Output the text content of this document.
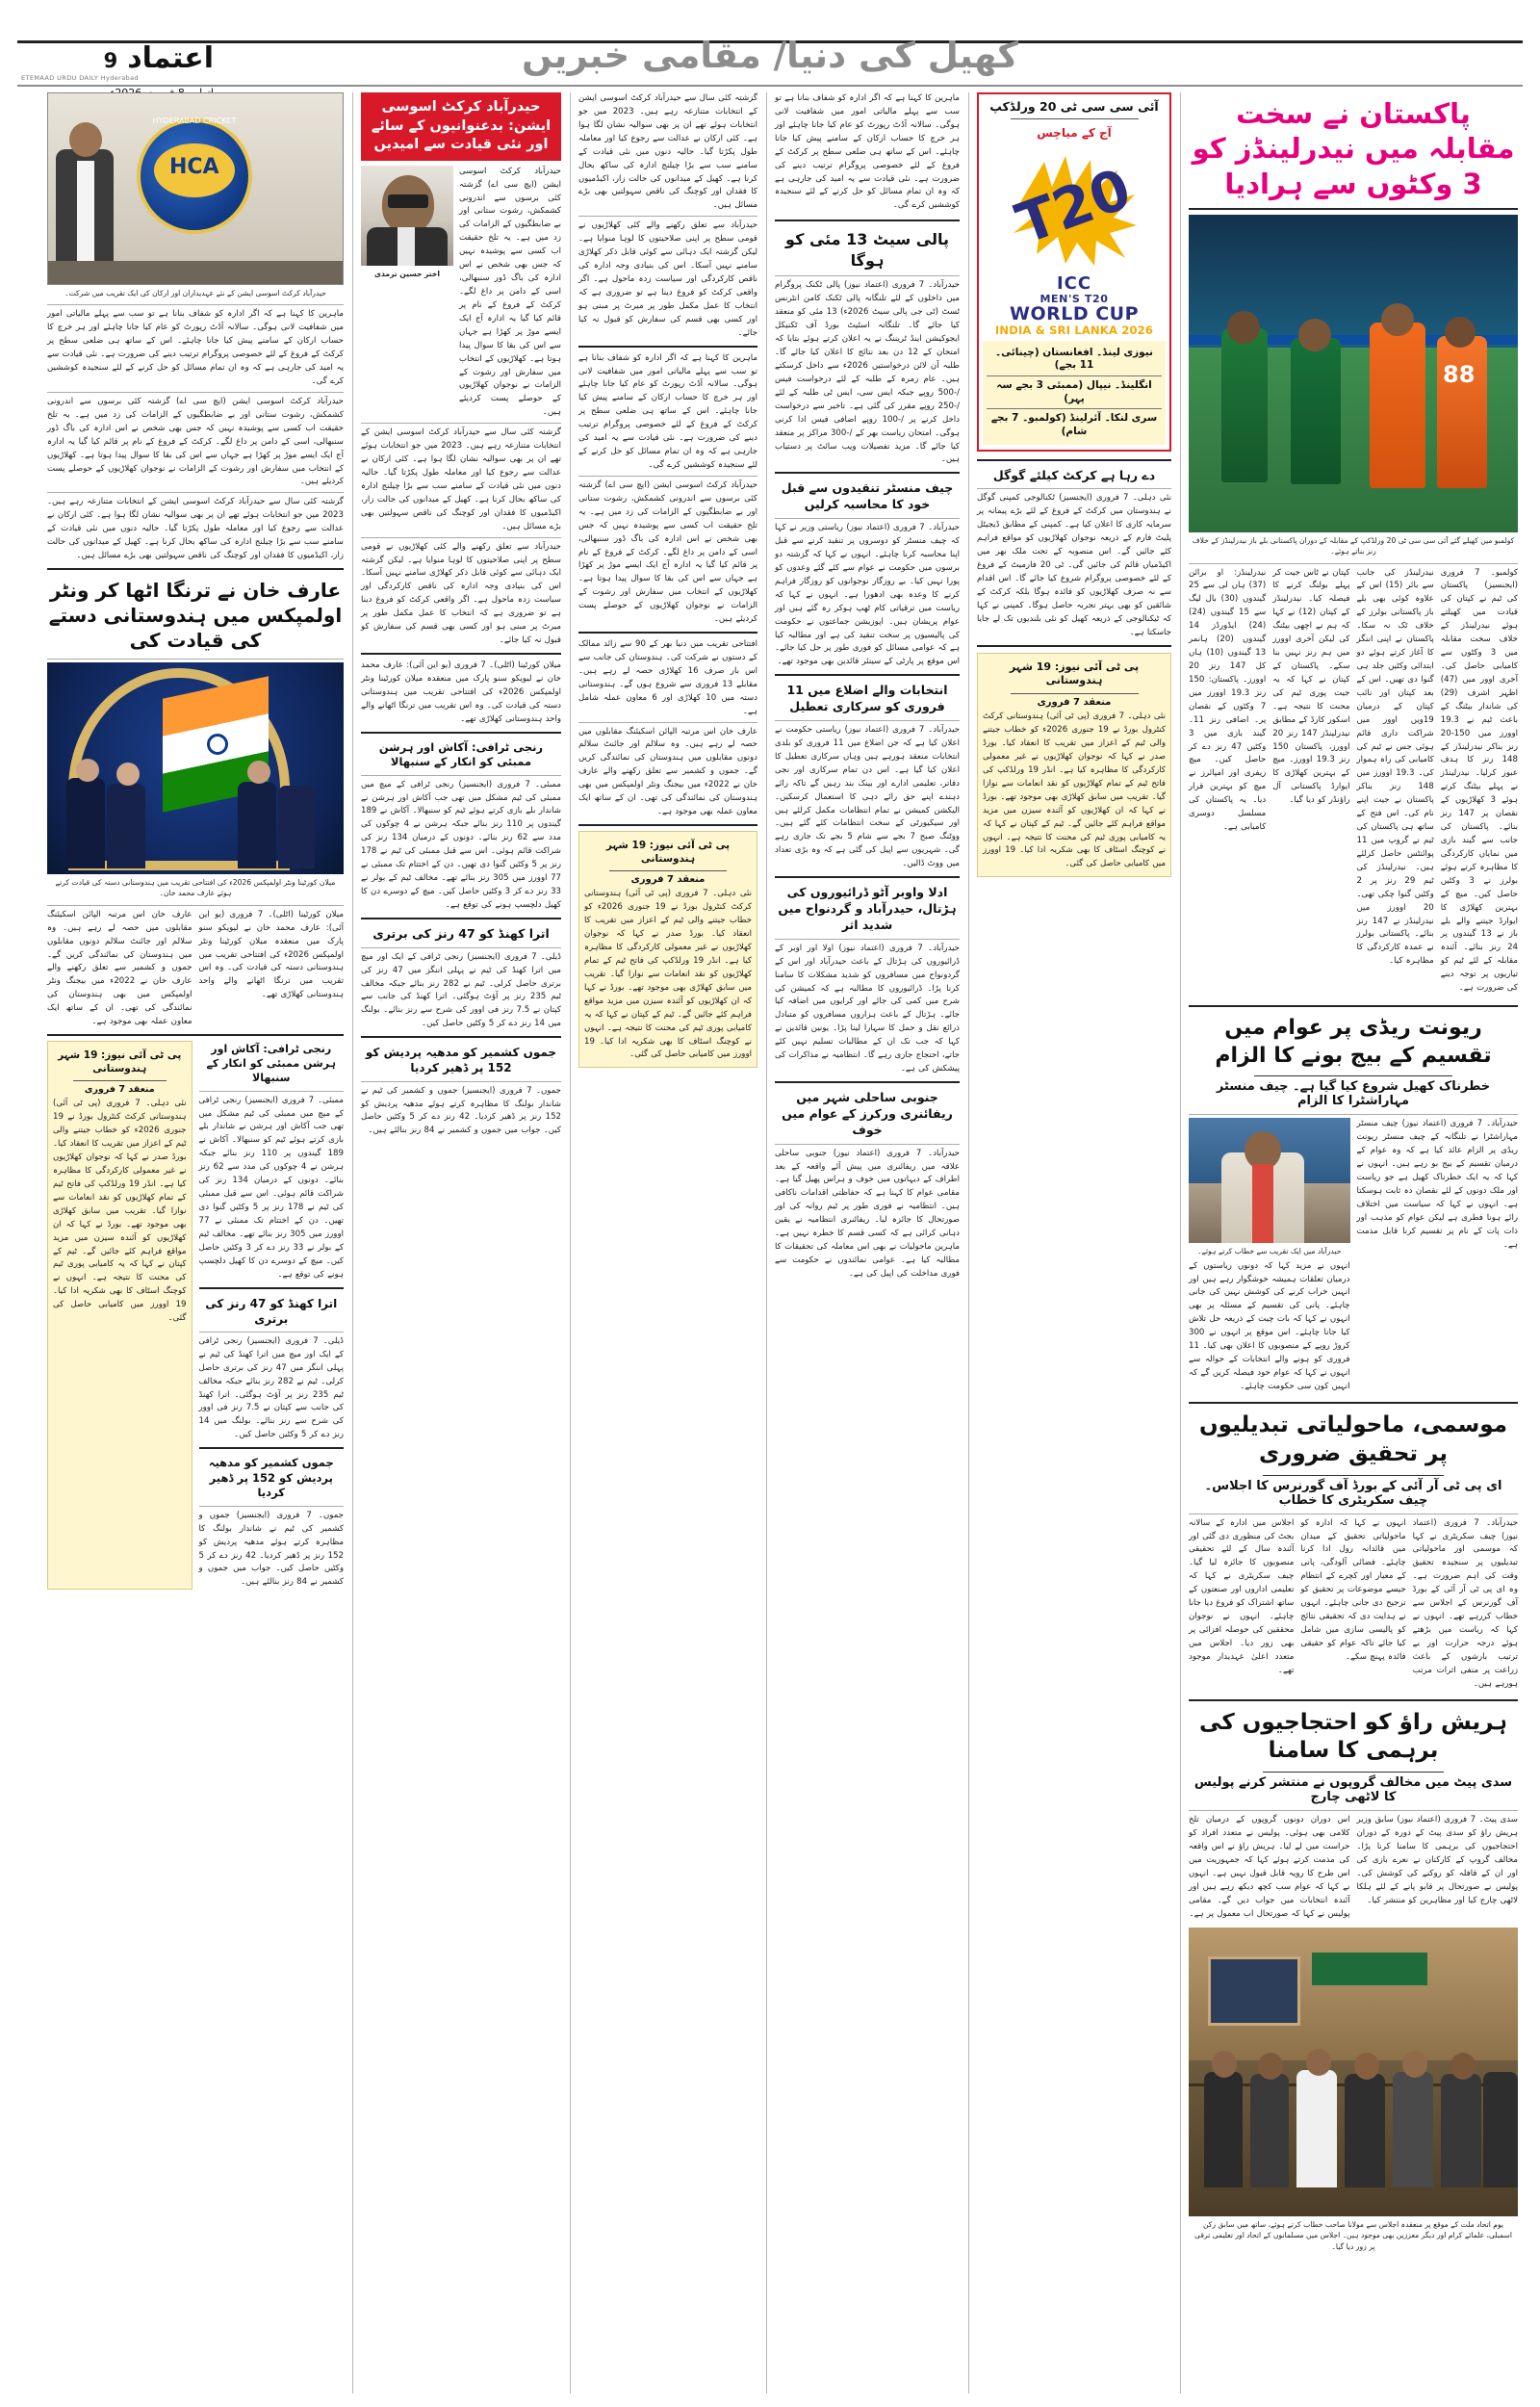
اعتماد
9
ETEMAAD URDU DAILY Hyderabad
کھیل کی دنیا/ مقامی خبریں
پاکستان نے سخت مقابلہ میں نیدرلینڈز کو 3 وکٹوں سے ہرادیا
88
کولمبو میں کھیلے گئے آئی سی سی ٹی 20 ورلڈکپ کے مقابلہ کے دوران پاکستانی بلے باز نیدرلینڈز کے خلاف رنز بناتے ہوئے۔
کولمبو۔ 7 فروری (ایجنسیز) پاکستان کی ٹیم نے کپتان کی قیادت میں کھیلتے ہوئے نیدرلینڈز کے خلاف سخت مقابلہ میں 3 وکٹوں سے کامیابی حاصل کی۔ آخری اوور میں (47) اظہر اشرف (29) کی شاندار بیٹنگ کے باعث ٹیم نے 19.3 اوورز میں 150-20 رنز بناکر نیدرلینڈز کے 148 رنز کا ہدف عبور کرلیا۔ نیدرلینڈز نے پہلے بیٹنگ کرتے ہوئے 3 کھلاڑیوں کے نقصان پر 147 رنز بنائے۔ پاکستان کی جانب سے گیند بازی میں نمایاں کارکردگی کا مظاہرہ کرتے ہوئے بولرز نے 3 وکٹیں حاصل کیں۔ میچ کے بہترین کھلاڑی کا ایوارڈ جیتنے والے بلے باز نے 13 گیندوں پر 24 رنز بنائے۔ آئندہ مقابلہ کے لئے ٹیم کو تیاریوں پر توجہ دینے کی ضرورت ہے۔
نیدرلینڈز کی جانب سے بائر (15) اس کے علاوہ کوئی بھی بلے باز پاکستانی بولرز کے خلاف ٹک نہ سکا۔ پاکستان نے اپنی اننگز کا آغاز کرتے ہوئے دو ابتدائی وکٹیں جلد ہی گنوا دی تھیں۔ اس کے بعد کپتان اور نائب کپتان کے درمیان 19ویں اوور میں شراکت داری قائم ہوئی جس نے ٹیم کی کامیابی کی راہ ہموار کی۔ 19.3 اوورز میں 148 رنز بناکر پاکستان نے جیت اپنے نام کی۔ اس فتح کے ساتھ ہی پاکستان کی ٹیم نے گروپ میں 11 پوائنٹس حاصل کرلئے ہیں۔ نیدرلینڈز کی ٹیم 29 رنز پر 2 وکٹیں گنوا چکی تھی۔ 20 اوورز میں نیدرلینڈز نے 147 رنز بنائے۔ پاکستانی بولرز نے عمدہ کارکردگی کا مظاہرہ کیا۔
کپتان نے ٹاس جیت کر پہلے بولنگ کرنے کا فیصلہ کیا۔ نیدرلینڈز کے کپتان (12) نے کہا کہ ہم نے اچھی بیٹنگ کی لیکن آخری اوورز میں ہم رنز نہیں بنا سکے۔ پاکستان کے کپتان نے کہا کہ یہ جیت پوری ٹیم کی محنت کا نتیجہ ہے۔ اسکور کارڈ کے مطابق نیدرلینڈز 147 رنز 20 اوورز، پاکستان 150 رنز 19.3 اوورز۔ میچ کے بہترین کھلاڑی کا ایوارڈ پاکستانی آل راؤنڈر کو دیا گیا۔
نیدرلینڈز: او برائن (37) ہاں لی سے 25 گیندوں (30) بال لیگ سے 15 گیندوں (24) (24) ایڈورڈز 14 گیندوں (20) ہانمر 13 گیندوں (10) ہاں کل 147 رنز 20 اوورز۔ پاکستان: 150 رنز 19.3 اوورز میں 7 وکٹوں کے نقصان پر۔ اضافی رنز 11۔ گیند بازی میں 3 وکٹیں 47 رنز دے کر حاصل کیں۔ میچ ریفری اور امپائرز نے میچ کو بہترین قرار دیا۔ یہ پاکستان کی مسلسل دوسری کامیابی ہے۔
ریونت ریڈی پر عوام میں تقسیم کے بیج بونے کا الزام
خطرناک کھیل شروع کیا گیا ہے۔ چیف منسٹر مہاراشٹرا کا الزام
حیدرآباد۔ 7 فروری (اعتماد نیوز) چیف منسٹر مہاراشٹرا نے تلنگانہ کے چیف منسٹر ریونت ریڈی پر الزام عائد کیا ہے کہ وہ عوام کے درمیان تقسیم کے بیج بو رہے ہیں۔ انہوں نے کہا کہ یہ ایک خطرناک کھیل ہے جو ریاست اور ملک دونوں کے لئے نقصان دہ ثابت ہوسکتا ہے۔ انہوں نے کہا کہ سیاست میں اختلاف رائے ہونا فطری ہے لیکن عوام کو مذہب اور ذات پات کے نام پر تقسیم کرنا قابل مذمت ہے۔
حیدرآباد میں ایک تقریب سے خطاب کرتے ہوئے۔
انہوں نے مزید کہا کہ دونوں ریاستوں کے درمیان تعلقات ہمیشہ خوشگوار رہے ہیں اور انہیں خراب کرنے کی کوشش نہیں کی جانی چاہئے۔ پانی کی تقسیم کے مسئلہ پر بھی انہوں نے کہا کہ بات چیت کے ذریعہ حل تلاش کیا جانا چاہئے۔ اس موقع پر انہوں نے 300 کروڑ روپے کے منصوبوں کا اعلان بھی کیا۔ 11 فروری کو ہونے والے انتخابات کے حوالہ سے انہوں نے کہا کہ عوام خود فیصلہ کریں گے کہ انہیں کون سی حکومت چاہئے۔
موسمی، ماحولیاتی تبدیلیوں پر تحقیق ضروری
ای پی ٹی آر آئی کے بورڈ آف گورنرس کا اجلاس۔ چیف سکریٹری کا خطاب
حیدرآباد۔ 7 فروری (اعتماد نیوز) چیف سکریٹری نے کہا کہ موسمی اور ماحولیاتی تبدیلیوں پر سنجیدہ تحقیق وقت کی اہم ضرورت ہے۔ وہ ای پی ٹی آر آئی کے بورڈ آف گورنرس کے اجلاس سے خطاب کررہے تھے۔ انہوں نے کہا کہ ریاست میں بڑھتے ہوئے درجہ حرارت اور بے ترتیب بارشوں کے باعث زراعت پر منفی اثرات مرتب ہورہے ہیں۔
انہوں نے کہا کہ ادارہ کو ماحولیاتی تحقیق کے میدان میں قائدانہ رول ادا کرنا چاہئے۔ فضائی آلودگی، پانی کے معیار اور کچرے کے انتظام جیسے موضوعات پر تحقیق کو ترجیح دی جانی چاہئے۔ انہوں نے ہدایت دی کہ تحقیقی نتائج کو پالیسی سازی میں شامل کیا جائے تاکہ عوام کو حقیقی فائدہ پہنچ سکے۔
اجلاس میں ادارہ کے سالانہ بجٹ کی منظوری دی گئی اور آئندہ سال کے لئے تحقیقی منصوبوں کا جائزہ لیا گیا۔ چیف سکریٹری نے کہا کہ تعلیمی اداروں اور صنعتوں کے ساتھ اشتراک کو فروغ دیا جانا چاہئے۔ انہوں نے نوجوان محققین کی حوصلہ افزائی پر بھی زور دیا۔ اجلاس میں متعدد اعلیٰ عہدیدار موجود تھے۔
ہریش راؤ کو احتجاجیوں کی برہمی کا سامنا
سدی پیٹ میں مخالف گروپوں نے منتشر کرنے پولیس کا لاٹھی چارج
سدی پیٹ۔ 7 فروری (اعتماد نیوز) سابق وزیر ہریش راؤ کو سدی پیٹ کے دورہ کے دوران احتجاجیوں کی برہمی کا سامنا کرنا پڑا۔ مخالف گروپ کے کارکنان نے نعرے بازی کی اور ان کے قافلہ کو روکنے کی کوشش کی۔ پولیس نے صورتحال پر قابو پانے کے لئے ہلکا لاٹھی چارج کیا اور مظاہرین کو منتشر کیا۔
اس دوران دونوں گروپوں کے درمیان تلخ کلامی بھی ہوئی۔ پولیس نے متعدد افراد کو حراست میں لے لیا۔ ہریش راؤ نے اس واقعہ کی مذمت کرتے ہوئے کہا کہ جمہوریت میں اس طرح کا رویہ قابل قبول نہیں ہے۔ انہوں نے کہا کہ عوام سب کچھ دیکھ رہے ہیں اور آئندہ انتخابات میں جواب دیں گے۔ مقامی پولیس نے کہا کہ صورتحال اب معمول پر ہے۔
یوم اتحاد ملت کے موقع پر منعقدہ اجلاس سے مولانا صاحب خطاب کرتے ہوئے، ساتھ میں سابق رکن اسمبلی، علمائے کرام اور دیگر معززین بھی موجود ہیں۔ اجلاس میں مسلمانوں کے اتحاد اور تعلیمی ترقی پر زور دیا گیا۔
آئی سی سی ٹی 20 ورلڈکپ
آج کے میاچس
T20
ICC
MEN'S T20
WORLD CUP
INDIA & SRI LANKA 2026
نیوزی لینڈ۔ افغانستان (چینائی۔ 11 بجے)
انگلینڈ۔ نیپال (ممبئی 3 بجے سہ پہر)
سری لنکا۔ آئرلینڈ (کولمبو۔ 7 بجے شام)
دے رہا ہے کرکٹ کیلئے گوگل
نئی دہلی۔ 7 فروری (ایجنسیز) ٹکنالوجی کمپنی گوگل نے ہندوستان میں کرکٹ کے فروغ کے لئے بڑے پیمانہ پر سرمایہ کاری کا اعلان کیا ہے۔ کمپنی کے مطابق ڈیجیٹل پلیٹ فارم کے ذریعہ نوجوان کھلاڑیوں کو مواقع فراہم کئے جائیں گے۔ اس منصوبہ کے تحت ملک بھر میں اکیڈمیاں قائم کی جائیں گی۔ ٹی 20 فارمیٹ کے فروغ کے لئے خصوصی پروگرام شروع کیا جائے گا۔ اس اقدام سے نہ صرف کھلاڑیوں کو فائدہ ہوگا بلکہ کرکٹ کے شائقین کو بھی بہتر تجربہ حاصل ہوگا۔ کمپنی نے کہا کہ ٹیکنالوجی کے ذریعہ کھیل کو نئی بلندیوں تک لے جایا جاسکتا ہے۔
پی ٹی آئی نیوز: 19 شہر ہندوستانی
منعقد 7 فروری
نئی دہلی۔ 7 فروری (پی ٹی آئی) ہندوستانی کرکٹ کنٹرول بورڈ نے 19 جنوری 2026ء کو خطاب جیتنے والی ٹیم کے اعزاز میں تقریب کا انعقاد کیا۔ بورڈ صدر نے کہا کہ نوجوان کھلاڑیوں نے غیر معمولی کارکردگی کا مظاہرہ کیا ہے۔ انڈر 19 ورلڈکپ کی فاتح ٹیم کے تمام کھلاڑیوں کو نقد انعامات سے نوازا گیا۔ تقریب میں سابق کھلاڑی بھی موجود تھے۔ بورڈ نے کہا کہ ان کھلاڑیوں کو آئندہ سیزن میں مزید مواقع فراہم کئے جائیں گے۔ ٹیم کے کپتان نے کہا کہ یہ کامیابی پوری ٹیم کی محنت کا نتیجہ ہے۔ انہوں نے کوچنگ اسٹاف کا بھی شکریہ ادا کیا۔ 19 اوورز میں کامیابی حاصل کی گئی۔
ماہرین کا کہنا ہے کہ اگر ادارہ کو شفاف بنانا ہے تو سب سے پہلے مالیاتی امور میں شفافیت لانی ہوگی۔ سالانہ آڈٹ رپورٹ کو عام کیا جانا چاہئے اور ہر خرچ کا حساب ارکان کے سامنے پیش کیا جانا چاہئے۔ اس کے ساتھ ہی ضلعی سطح پر کرکٹ کے فروغ کے لئے خصوصی پروگرام ترتیب دینے کی ضرورت ہے۔ نئی قیادت سے یہ امید کی جارہی ہے کہ وہ ان تمام مسائل کو حل کرنے کے لئے سنجیدہ کوششیں کرے گی۔
پالی سیٹ 13 مئی کو ہوگا
حیدرآباد۔ 7 فروری (اعتماد نیوز) پالی ٹکنک پروگرام میں داخلوں کے لئے تلنگانہ پالی ٹکنک کامن انٹرنس ٹسٹ (ٹی جی پالی سیٹ 2026ء) 13 مئی کو منعقد کیا جائے گا۔ تلنگانہ اسٹیٹ بورڈ آف ٹکنیکل ایجوکیشن اینڈ ٹریننگ نے یہ اعلان کرتے ہوئے بتایا کہ امتحان کے 12 دن بعد نتائج کا اعلان کیا جائے گا۔ طلبہ آن لائن درخواستیں 2026ء سے داخل کرسکتے ہیں۔ عام زمرہ کے طلبہ کے لئے درخواست فیس /-500 روپے جبکہ ایس سی، ایس ٹی طلبہ کے لئے /-250 روپے مقرر کی گئی ہے۔ تاخیر سے درخواست داخل کرنے پر /-100 روپے اضافی فیس ادا کرنی ہوگی۔ امتحان ریاست بھر کے /-300 مراکز پر منعقد کیا جائے گا۔ مزید تفصیلات ویب سائٹ پر دستیاب ہیں۔
چیف منسٹر تنقیدوں سے قبل خود کا محاسبہ کرلیں
حیدرآباد۔ 7 فروری (اعتماد نیوز) ریاستی وزیر نے کہا کہ چیف منسٹر کو دوسروں پر تنقید کرنے سے قبل اپنا محاسبہ کرنا چاہئے۔ انہوں نے کہا کہ گزشتہ دو برسوں میں حکومت نے عوام سے کئے گئے وعدوں کو پورا نہیں کیا۔ بے روزگار نوجوانوں کو روزگار فراہم کرنے کا وعدہ بھی ادھورا ہے۔ انہوں نے کہا کہ ریاست میں ترقیاتی کام ٹھپ ہوکر رہ گئے ہیں اور عوام پریشان ہیں۔ اپوزیشن جماعتوں نے حکومت کی پالیسیوں پر سخت تنقید کی ہے اور مطالبہ کیا ہے کہ عوامی مسائل کو فوری طور پر حل کیا جائے۔ اس موقع پر پارٹی کے سینئر قائدین بھی موجود تھے۔
انتخابات والے اضلاع میں 11 فروری کو سرکاری تعطیل
حیدرآباد۔ 7 فروری (اعتماد نیوز) ریاستی حکومت نے اعلان کیا ہے کہ جن اضلاع میں 11 فروری کو بلدی انتخابات منعقد ہورہے ہیں وہاں سرکاری تعطیل کا اعلان کیا گیا ہے۔ اس دن تمام سرکاری اور نجی دفاتر، تعلیمی ادارے اور بینک بند رہیں گے تاکہ رائے دہندے اپنے حق رائے دہی کا استعمال کرسکیں۔ الیکشن کمیشن نے تمام انتظامات مکمل کرلئے ہیں اور سیکیورٹی کے سخت انتظامات کئے گئے ہیں۔ ووٹنگ صبح 7 بجے سے شام 5 بجے تک جاری رہے گی۔ شہریوں سے اپیل کی گئی ہے کہ وہ بڑی تعداد میں ووٹ ڈالیں۔
ادلا واوبر آٹو ڈرائیوروں کی ہڑتال، حیدرآباد و گردنواح میں شدید اثر
حیدرآباد۔ 7 فروری (اعتماد نیوز) اولا اور اوبر کے ڈرائیوروں کی ہڑتال کے باعث حیدرآباد اور اس کے گردونواح میں مسافروں کو شدید مشکلات کا سامنا کرنا پڑا۔ ڈرائیوروں کا مطالبہ ہے کہ کمیشن کی شرح میں کمی کی جائے اور کرایوں میں اضافہ کیا جائے۔ ہڑتال کے باعث ہزاروں مسافروں کو متبادل ذرائع نقل و حمل کا سہارا لینا پڑا۔ یونین قائدین نے کہا کہ جب تک ان کے مطالبات تسلیم نہیں کئے جاتے، احتجاج جاری رہے گا۔ انتظامیہ نے مذاکرات کی پیشکش کی ہے۔
جنوبی ساحلی شہر میں ریفائنری ورکرز کے عوام میں خوف
حیدرآباد۔ 7 فروری (اعتماد نیوز) جنوبی ساحلی علاقہ میں ریفائنری میں پیش آئے واقعہ کے بعد اطراف کے دیہاتوں میں خوف و ہراس پھیل گیا ہے۔ مقامی عوام کا کہنا ہے کہ حفاظتی اقدامات ناکافی ہیں۔ انتظامیہ نے فوری طور پر ٹیم روانہ کی اور صورتحال کا جائزہ لیا۔ ریفائنری انتظامیہ نے یقین دہانی کرائی ہے کہ کسی قسم کا خطرہ نہیں ہے۔ ماہرین ماحولیات نے بھی اس معاملہ کی تحقیقات کا مطالبہ کیا ہے۔ عوامی نمائندوں نے حکومت سے فوری مداخلت کی اپیل کی ہے۔
گزشتہ کئی سال سے حیدرآباد کرکٹ اسوسی ایشن کے انتخابات متنازعہ رہے ہیں۔ 2023 میں جو انتخابات ہوئے تھے ان پر بھی سوالیہ نشان لگا ہوا ہے۔ کئی ارکان نے عدالت سے رجوع کیا اور معاملہ طول پکڑتا گیا۔ حالیہ دنوں میں نئی قیادت کے سامنے سب سے بڑا چیلنج ادارہ کی ساکھ بحال کرنا ہے۔ کھیل کے میدانوں کی حالت زار، اکیڈمیوں کا فقدان اور کوچنگ کی ناقص سہولتیں بھی بڑے مسائل ہیں۔
حیدرآباد سے تعلق رکھنے والے کئی کھلاڑیوں نے قومی سطح پر اپنی صلاحیتوں کا لوہا منوایا ہے۔ لیکن گزشتہ ایک دہائی سے کوئی قابل ذکر کھلاڑی سامنے نہیں آسکا۔ اس کی بنیادی وجہ ادارہ کی ناقص کارکردگی اور سیاست زدہ ماحول ہے۔ اگر واقعی کرکٹ کو فروغ دینا ہے تو ضروری ہے کہ انتخاب کا عمل مکمل طور پر میرٹ پر مبنی ہو اور کسی بھی قسم کی سفارش کو قبول نہ کیا جائے۔
ماہرین کا کہنا ہے کہ اگر ادارہ کو شفاف بنانا ہے تو سب سے پہلے مالیاتی امور میں شفافیت لانی ہوگی۔ سالانہ آڈٹ رپورٹ کو عام کیا جانا چاہئے اور ہر خرچ کا حساب ارکان کے سامنے پیش کیا جانا چاہئے۔ اس کے ساتھ ہی ضلعی سطح پر کرکٹ کے فروغ کے لئے خصوصی پروگرام ترتیب دینے کی ضرورت ہے۔ نئی قیادت سے یہ امید کی جارہی ہے کہ وہ ان تمام مسائل کو حل کرنے کے لئے سنجیدہ کوششیں کرے گی۔
حیدرآباد کرکٹ اسوسی ایشن (ایچ سی اے) گزشتہ کئی برسوں سے اندرونی کشمکش، رشوت ستانی اور بے ضابطگیوں کے الزامات کی زد میں ہے۔ یہ تلخ حقیقت اب کسی سے پوشیدہ نہیں کہ جس بھی شخص نے اس ادارہ کی باگ ڈور سنبھالی، اسی کے دامن پر داغ لگے۔ کرکٹ کے فروغ کے نام پر قائم کیا گیا یہ ادارہ آج ایک ایسے موڑ پر کھڑا ہے جہاں سے اس کی بقا کا سوال پیدا ہوتا ہے۔ کھلاڑیوں کے انتخاب میں سفارش اور رشوت کے الزامات نے نوجوان کھلاڑیوں کے حوصلے پست کردیئے ہیں۔
افتتاحی تقریب میں دنیا بھر کے 90 سے زائد ممالک کے دستوں نے شرکت کی۔ ہندوستان کی جانب سے اس بار صرف 16 کھلاڑی حصہ لے رہے ہیں۔ مقابلے 13 فروری سے شروع ہوں گے۔ ہندوستانی دستہ میں 10 کھلاڑی اور 6 معاون عملہ شامل ہے۔
عارف خان اس مرتبہ الپائن اسکیئنگ مقابلوں میں حصہ لے رہے ہیں۔ وہ سلالم اور جائنٹ سلالم دونوں مقابلوں میں ہندوستان کی نمائندگی کریں گے۔ جموں و کشمیر سے تعلق رکھنے والے عارف خان نے 2022ء میں بیجنگ ونٹر اولمپکس میں بھی ہندوستان کی نمائندگی کی تھی۔ ان کے ساتھ ایک معاون عملہ بھی موجود ہے۔
پی ٹی آئی نیوز: 19 شہر ہندوستانی
منعقد 7 فروری
نئی دہلی۔ 7 فروری (پی ٹی آئی) ہندوستانی کرکٹ کنٹرول بورڈ نے 19 جنوری 2026ء کو خطاب جیتنے والی ٹیم کے اعزاز میں تقریب کا انعقاد کیا۔ بورڈ صدر نے کہا کہ نوجوان کھلاڑیوں نے غیر معمولی کارکردگی کا مظاہرہ کیا ہے۔ انڈر 19 ورلڈکپ کی فاتح ٹیم کے تمام کھلاڑیوں کو نقد انعامات سے نوازا گیا۔ تقریب میں سابق کھلاڑی بھی موجود تھے۔ بورڈ نے کہا کہ ان کھلاڑیوں کو آئندہ سیزن میں مزید مواقع فراہم کئے جائیں گے۔ ٹیم کے کپتان نے کہا کہ یہ کامیابی پوری ٹیم کی محنت کا نتیجہ ہے۔ انہوں نے کوچنگ اسٹاف کا بھی شکریہ ادا کیا۔ 19 اوورز میں کامیابی حاصل کی گئی۔
حیدرآباد کرکٹ اسوسی ایشن: بدعنوانیوں کے سائے اور نئی قیادت سے امیدیں
حیدرآباد کرکٹ اسوسی ایشن (ایچ سی اے) گزشتہ کئی برسوں سے اندرونی کشمکش، رشوت ستانی اور بے ضابطگیوں کے الزامات کی زد میں ہے۔ یہ تلخ حقیقت اب کسی سے پوشیدہ نہیں کہ جس بھی شخص نے اس ادارہ کی باگ ڈور سنبھالی، اسی کے دامن پر داغ لگے۔ کرکٹ کے فروغ کے نام پر قائم کیا گیا یہ ادارہ آج ایک ایسے موڑ پر کھڑا ہے جہاں سے اس کی بقا کا سوال پیدا ہوتا ہے۔ کھلاڑیوں کے انتخاب میں سفارش اور رشوت کے الزامات نے نوجوان کھلاڑیوں کے حوصلے پست کردیئے ہیں۔
اختر حسین ترمذی
گزشتہ کئی سال سے حیدرآباد کرکٹ اسوسی ایشن کے انتخابات متنازعہ رہے ہیں۔ 2023 میں جو انتخابات ہوئے تھے ان پر بھی سوالیہ نشان لگا ہوا ہے۔ کئی ارکان نے عدالت سے رجوع کیا اور معاملہ طول پکڑتا گیا۔ حالیہ دنوں میں نئی قیادت کے سامنے سب سے بڑا چیلنج ادارہ کی ساکھ بحال کرنا ہے۔ کھیل کے میدانوں کی حالت زار، اکیڈمیوں کا فقدان اور کوچنگ کی ناقص سہولتیں بھی بڑے مسائل ہیں۔
حیدرآباد سے تعلق رکھنے والے کئی کھلاڑیوں نے قومی سطح پر اپنی صلاحیتوں کا لوہا منوایا ہے۔ لیکن گزشتہ ایک دہائی سے کوئی قابل ذکر کھلاڑی سامنے نہیں آسکا۔ اس کی بنیادی وجہ ادارہ کی ناقص کارکردگی اور سیاست زدہ ماحول ہے۔ اگر واقعی کرکٹ کو فروغ دینا ہے تو ضروری ہے کہ انتخاب کا عمل مکمل طور پر میرٹ پر مبنی ہو اور کسی بھی قسم کی سفارش کو قبول نہ کیا جائے۔
میلان کورٹینا (اٹلی)۔ 7 فروری (یو این آئی): عارف محمد خان نے لیویکو سنو پارک میں منعقدہ میلان کورٹینا ونٹر اولمپکس 2026ء کی افتتاحی تقریب میں ہندوستانی دستہ کی قیادت کی۔ وہ اس تقریب میں ترنگا اٹھانے والے واحد ہندوستانی کھلاڑی تھے۔
رنجی ٹرافی: آکاش اور ہرشن ممبئی کو انکار کے سنبھالا
ممبئی۔ 7 فروری (ایجنسیز) رنجی ٹرافی کے میچ میں ممبئی کی ٹیم مشکل میں تھی جب آکاش اور ہرشن نے شاندار بلے بازی کرتے ہوئے ٹیم کو سنبھالا۔ آکاش نے 189 گیندوں پر 110 رنز بنائے جبکہ ہرشن نے 4 چوکوں کی مدد سے 62 رنز بنائے۔ دونوں کے درمیان 134 رنز کی شراکت قائم ہوئی۔ اس سے قبل ممبئی کی ٹیم نے 178 رنز پر 5 وکٹیں گنوا دی تھیں۔ دن کے اختتام تک ممبئی نے 77 اوورز میں 305 رنز بنائے تھے۔ مخالف ٹیم کے بولر نے 33 رنز دے کر 3 وکٹیں حاصل کیں۔ میچ کے دوسرے دن کا کھیل دلچسپ ہونے کی توقع ہے۔
اترا کھنڈ کو 47 رنز کی برتری
ڈیلی۔ 7 فروری (ایجنسیز) رنجی ٹرافی کے ایک اور میچ میں اترا کھنڈ کی ٹیم نے پہلی اننگز میں 47 رنز کی برتری حاصل کرلی۔ ٹیم نے 282 رنز بنائے جبکہ مخالف ٹیم 235 رنز پر آؤٹ ہوگئی۔ اترا کھنڈ کی جانب سے کپتان نے 7.5 رنز فی اوور کی شرح سے رنز بنائے۔ بولنگ میں 14 رنز دے کر 5 وکٹیں حاصل کیں۔
جموں کشمیر کو مدھیہ پردیش کو 152 پر ڈھیر کردیا
جموں۔ 7 فروری (ایجنسیز) جموں و کشمیر کی ٹیم نے شاندار بولنگ کا مظاہرہ کرتے ہوئے مدھیہ پردیش کو 152 رنز پر ڈھیر کردیا۔ 42 رنز دے کر 5 وکٹیں حاصل کیں۔ جواب میں جموں و کشمیر نے 84 رنز بنالئے ہیں۔
HCA
HYDERABAD CRICKET
حیدرآباد کرکٹ اسوسی ایشن کے نئے عہدیداران اور ارکان کی ایک تقریب میں شرکت۔
ماہرین کا کہنا ہے کہ اگر ادارہ کو شفاف بنانا ہے تو سب سے پہلے مالیاتی امور میں شفافیت لانی ہوگی۔ سالانہ آڈٹ رپورٹ کو عام کیا جانا چاہئے اور ہر خرچ کا حساب ارکان کے سامنے پیش کیا جانا چاہئے۔ اس کے ساتھ ہی ضلعی سطح پر کرکٹ کے فروغ کے لئے خصوصی پروگرام ترتیب دینے کی ضرورت ہے۔ نئی قیادت سے یہ امید کی جارہی ہے کہ وہ ان تمام مسائل کو حل کرنے کے لئے سنجیدہ کوششیں کرے گی۔
حیدرآباد کرکٹ اسوسی ایشن (ایچ سی اے) گزشتہ کئی برسوں سے اندرونی کشمکش، رشوت ستانی اور بے ضابطگیوں کے الزامات کی زد میں ہے۔ یہ تلخ حقیقت اب کسی سے پوشیدہ نہیں کہ جس بھی شخص نے اس ادارہ کی باگ ڈور سنبھالی، اسی کے دامن پر داغ لگے۔ کرکٹ کے فروغ کے نام پر قائم کیا گیا یہ ادارہ آج ایک ایسے موڑ پر کھڑا ہے جہاں سے اس کی بقا کا سوال پیدا ہوتا ہے۔ کھلاڑیوں کے انتخاب میں سفارش اور رشوت کے الزامات نے نوجوان کھلاڑیوں کے حوصلے پست کردیئے ہیں۔
گزشتہ کئی سال سے حیدرآباد کرکٹ اسوسی ایشن کے انتخابات متنازعہ رہے ہیں۔ 2023 میں جو انتخابات ہوئے تھے ان پر بھی سوالیہ نشان لگا ہوا ہے۔ کئی ارکان نے عدالت سے رجوع کیا اور معاملہ طول پکڑتا گیا۔ حالیہ دنوں میں نئی قیادت کے سامنے سب سے بڑا چیلنج ادارہ کی ساکھ بحال کرنا ہے۔ کھیل کے میدانوں کی حالت زار، اکیڈمیوں کا فقدان اور کوچنگ کی ناقص سہولتیں بھی بڑے مسائل ہیں۔
عارف خان نے ترنگا اٹھا کر ونٹر اولمپکس میں ہندوستانی دستے کی قیادت کی
میلان کورٹینا ونٹر اولمپکس 2026ء کی افتتاحی تقریب میں ہندوستانی دستہ کی قیادت کرتے ہوئے عارف محمد خان۔
میلان کورٹینا (اٹلی)۔ 7 فروری (یو این آئی): عارف محمد خان نے لیویکو سنو پارک میں منعقدہ میلان کورٹینا ونٹر اولمپکس 2026ء کی افتتاحی تقریب میں ہندوستانی دستہ کی قیادت کی۔ وہ اس تقریب میں ترنگا اٹھانے والے واحد ہندوستانی کھلاڑی تھے۔
عارف خان اس مرتبہ الپائن اسکیئنگ مقابلوں میں حصہ لے رہے ہیں۔ وہ سلالم اور جائنٹ سلالم دونوں مقابلوں میں ہندوستان کی نمائندگی کریں گے۔ جموں و کشمیر سے تعلق رکھنے والے عارف خان نے 2022ء میں بیجنگ ونٹر اولمپکس میں بھی ہندوستان کی نمائندگی کی تھی۔ ان کے ساتھ ایک معاون عملہ بھی موجود ہے۔
رنجی ٹرافی: آکاش اور ہرشن ممبئی کو انکار کے سنبھالا
ممبئی۔ 7 فروری (ایجنسیز) رنجی ٹرافی کے میچ میں ممبئی کی ٹیم مشکل میں تھی جب آکاش اور ہرشن نے شاندار بلے بازی کرتے ہوئے ٹیم کو سنبھالا۔ آکاش نے 189 گیندوں پر 110 رنز بنائے جبکہ ہرشن نے 4 چوکوں کی مدد سے 62 رنز بنائے۔ دونوں کے درمیان 134 رنز کی شراکت قائم ہوئی۔ اس سے قبل ممبئی کی ٹیم نے 178 رنز پر 5 وکٹیں گنوا دی تھیں۔ دن کے اختتام تک ممبئی نے 77 اوورز میں 305 رنز بنائے تھے۔ مخالف ٹیم کے بولر نے 33 رنز دے کر 3 وکٹیں حاصل کیں۔ میچ کے دوسرے دن کا کھیل دلچسپ ہونے کی توقع ہے۔
اترا کھنڈ کو 47 رنز کی برتری
ڈیلی۔ 7 فروری (ایجنسیز) رنجی ٹرافی کے ایک اور میچ میں اترا کھنڈ کی ٹیم نے پہلی اننگز میں 47 رنز کی برتری حاصل کرلی۔ ٹیم نے 282 رنز بنائے جبکہ مخالف ٹیم 235 رنز پر آؤٹ ہوگئی۔ اترا کھنڈ کی جانب سے کپتان نے 7.5 رنز فی اوور کی شرح سے رنز بنائے۔ بولنگ میں 14 رنز دے کر 5 وکٹیں حاصل کیں۔
جموں کشمیر کو مدھیہ پردیش کو 152 پر ڈھیر کردیا
جموں۔ 7 فروری (ایجنسیز) جموں و کشمیر کی ٹیم نے شاندار بولنگ کا مظاہرہ کرتے ہوئے مدھیہ پردیش کو 152 رنز پر ڈھیر کردیا۔ 42 رنز دے کر 5 وکٹیں حاصل کیں۔ جواب میں جموں و کشمیر نے 84 رنز بنالئے ہیں۔
پی ٹی آئی نیوز: 19 شہر ہندوستانی
منعقد 7 فروری
نئی دہلی۔ 7 فروری (پی ٹی آئی) ہندوستانی کرکٹ کنٹرول بورڈ نے 19 جنوری 2026ء کو خطاب جیتنے والی ٹیم کے اعزاز میں تقریب کا انعقاد کیا۔ بورڈ صدر نے کہا کہ نوجوان کھلاڑیوں نے غیر معمولی کارکردگی کا مظاہرہ کیا ہے۔ انڈر 19 ورلڈکپ کی فاتح ٹیم کے تمام کھلاڑیوں کو نقد انعامات سے نوازا گیا۔ تقریب میں سابق کھلاڑی بھی موجود تھے۔ بورڈ نے کہا کہ ان کھلاڑیوں کو آئندہ سیزن میں مزید مواقع فراہم کئے جائیں گے۔ ٹیم کے کپتان نے کہا کہ یہ کامیابی پوری ٹیم کی محنت کا نتیجہ ہے۔ انہوں نے کوچنگ اسٹاف کا بھی شکریہ ادا کیا۔ 19 اوورز میں کامیابی حاصل کی گئی۔
